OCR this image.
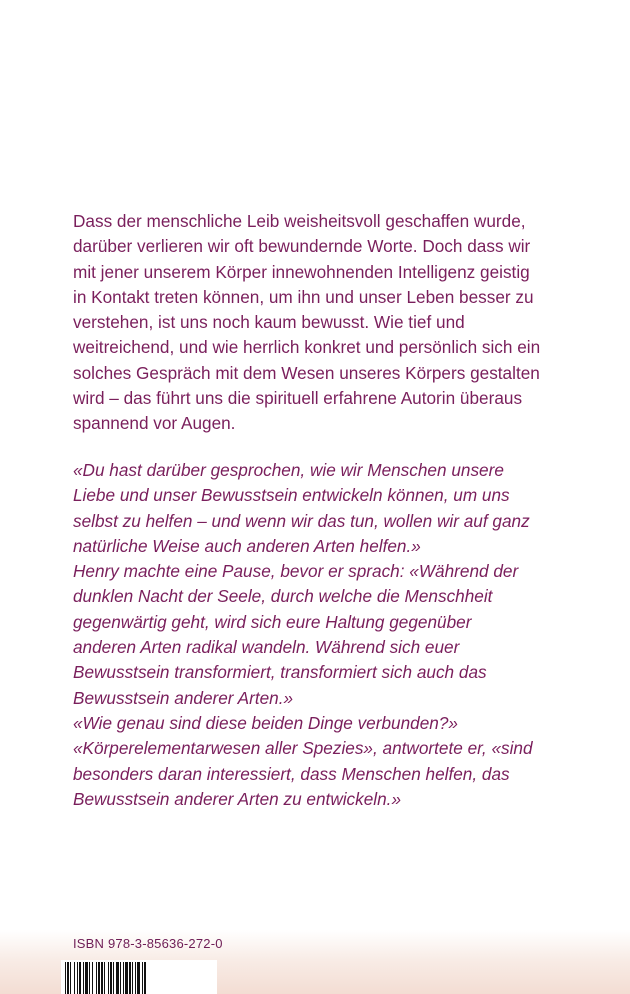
Dass der menschliche Leib weisheitsvoll geschaffen wurde,

darüber verlieren wir oft bewundernde Worte. Doch dass wir

mit jener unserem Körper innewohnenden Intelligenz geistig

in Kontakt treten können, um ihn und unser Leben besser zu

verstehen, ist uns noch kaum bewusst. Wie tief und

weitreichend, und wie herrlich konkret und persönlich sich ein

solches Gespräch mit dem Wesen unseres Körpers gestalten

wird – das führt uns die spirituell erfahrene Autorin überaus

spannend vor Augen.

«Du hast darüber gesprochen, wie wir Menschen unsere

Liebe und unser Bewusstsein entwickeln können, um uns

selbst zu helfen – und wenn wir das tun, wollen wir auf ganz

natürliche Weise auch anderen Arten helfen.»

Henry machte eine Pause, bevor er sprach: «Während der

dunklen Nacht der Seele, durch welche die Menschheit

gegenwärtig geht, wird sich eure Haltung gegenüber

anderen Arten radikal wandeln. Während sich euer

Bewusstsein transformiert, transformiert sich auch das

Bewusstsein anderer Arten.»

«Wie genau sind diese beiden Dinge verbunden?»

«Körperelementarwesen aller Spezies», antwortete er, «sind

besonders daran interessiert, dass Menschen helfen, das

Bewusstsein anderer Arten zu entwickeln.»

ISBN 978-3-85636-272-0
